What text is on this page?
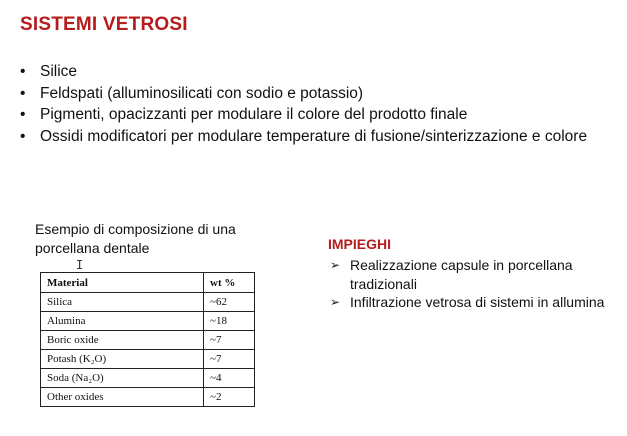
SISTEMI VETROSI
• Silice
• Feldspati (alluminosilicati con sodio e potassio)
• Pigmenti, opacizzanti per modulare il colore del prodotto finale
• Ossidi modificatori per modulare temperature di fusione/sinterizzazione e colore
Esempio di composizione di una porcellana dentale
I
Material	wt %
Silica	~62
Alumina	~18
Boric oxide	~7
Potash (K₂O)	~7
Soda (Na₂O)	~4
Other oxides	~2
IMPIEGHI
➢ Realizzazione capsule in porcellana tradizionali
➢ Infiltrazione vetrosa di sistemi in allumina
